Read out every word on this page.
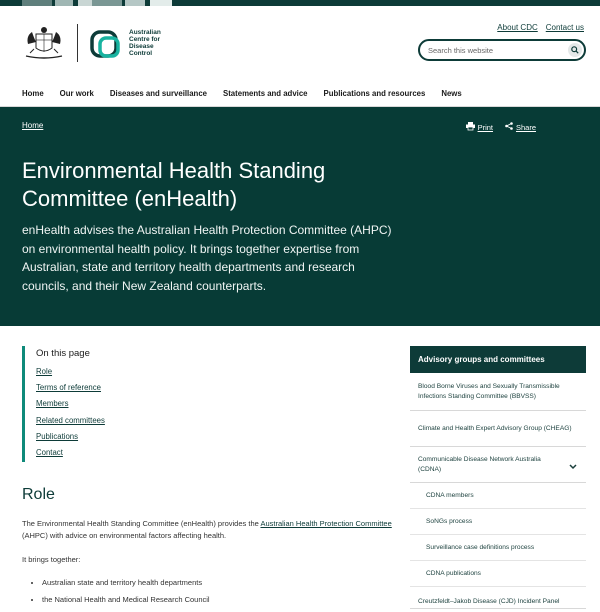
Australian
Centre for
Disease
Control
About CDC Contact us
Search this website
Home Our work Diseases and surveillance Statements and advice Publications and resources News
Home	Print	Share
Environmental Health Standing Committee (enHealth)

enHealth advises the Australian Health Protection Committee (AHPC) on environmental health policy. It brings together expertise from Australian, state and territory health departments and research councils, and their New Zealand counterparts.

On this page
Role
Terms of reference
Members
Related committees
Publications
Contact
Role

The Environmental Health Standing Committee (enHealth) provides the Australian Health Protection Committee (AHPC) with advice on environmental factors affecting health.

It brings together:

• Australian state and territory health departments
• the National Health and Medical Research Council
Advisory groups and committees
Blood Borne Viruses and Sexually Transmissible Infections Standing Committee (BBVSS)
Climate and Health Expert Advisory Group (CHEAG)
Communicable Disease Network Australia (CDNA)
CDNA members
SoNGs process
Surveillance case definitions process
CDNA publications
Creutzfeldt–Jakob Disease (CJD) Incident Panel
